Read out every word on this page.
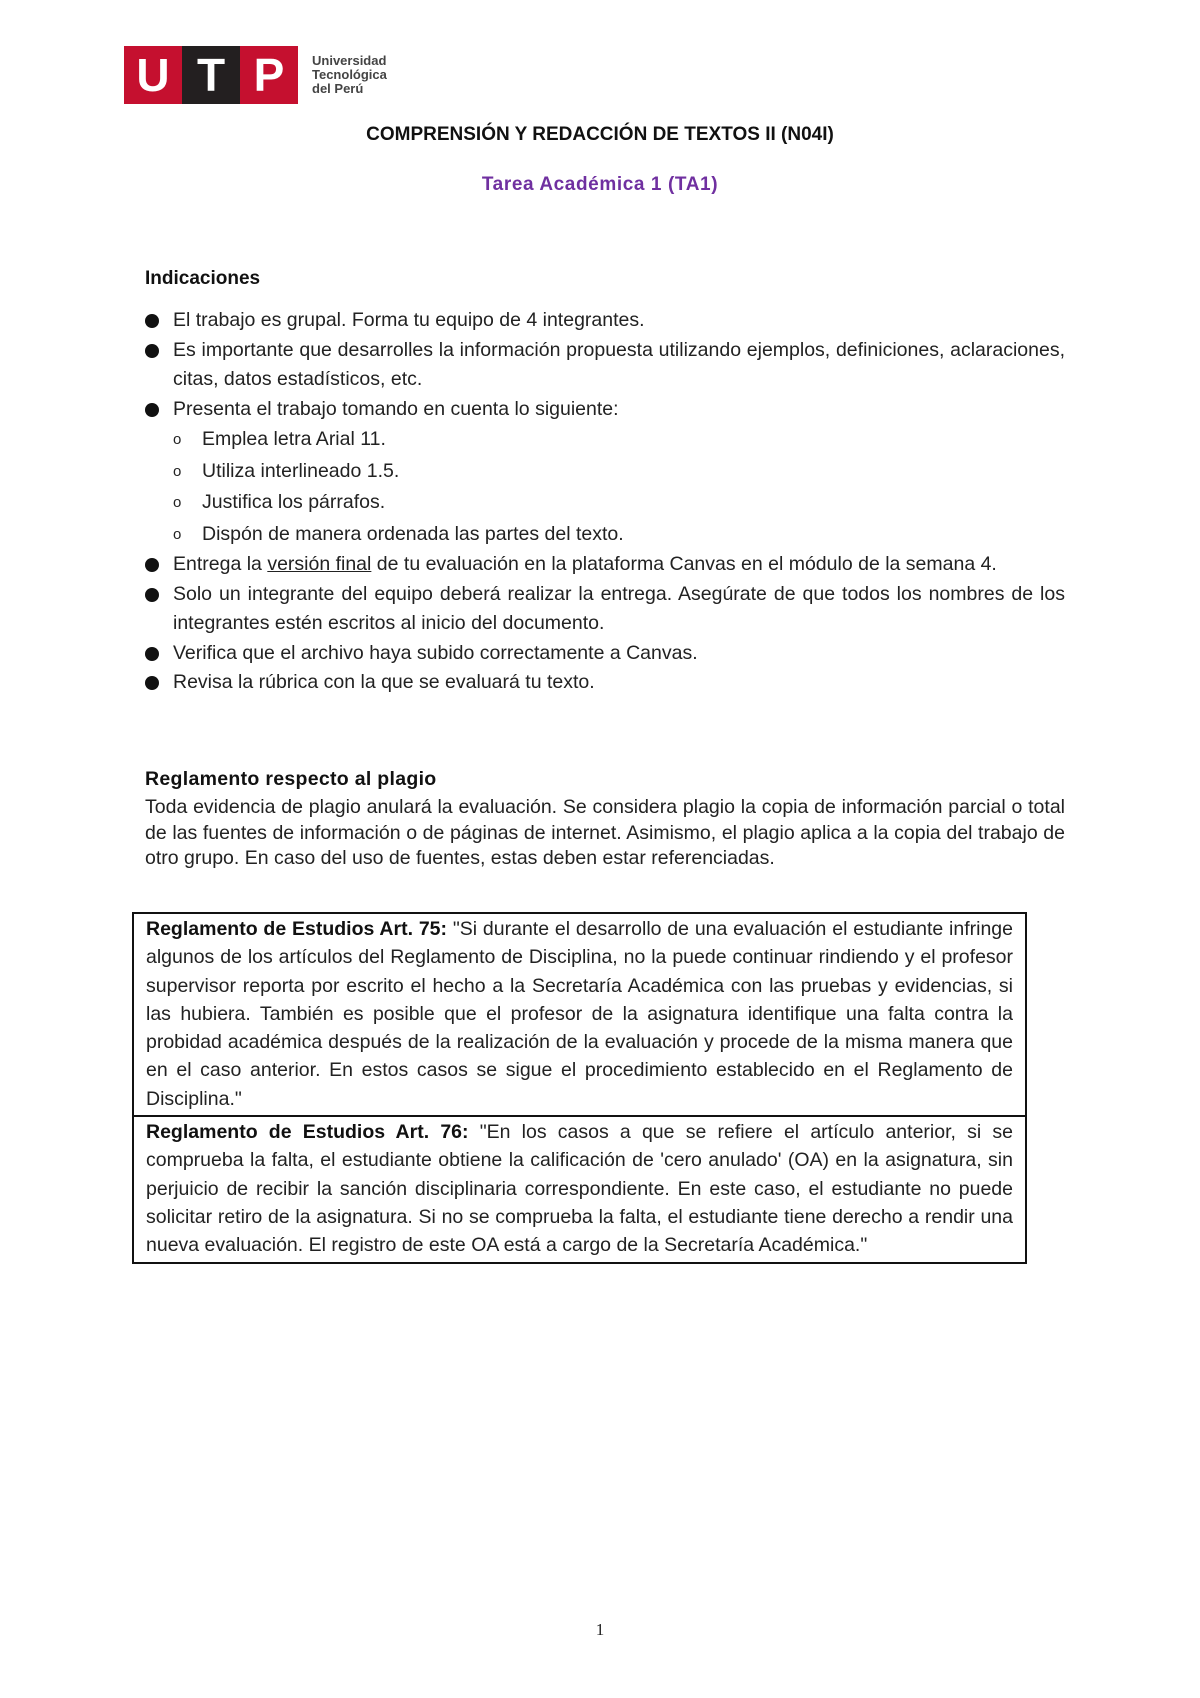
U T P	Universidad
Tecnológica
del Perú
COMPRENSIÓN Y REDACCIÓN DE TEXTOS II (N04I)
Tarea Académica 1 (TA1)
Indicaciones
El trabajo es grupal. Forma tu equipo de 4 integrantes.
Es importante que desarrolles la información propuesta utilizando ejemplos, definiciones, aclaraciones, citas, datos estadísticos, etc.
Presenta el trabajo tomando en cuenta lo siguiente:
o Emplea letra Arial 11.
o Utiliza interlineado 1.5.
o Justifica los párrafos.
o Dispón de manera ordenada las partes del texto.
Entrega la versión final de tu evaluación en la plataforma Canvas en el módulo de la semana 4.
Solo un integrante del equipo deberá realizar la entrega. Asegúrate de que todos los nombres de los integrantes estén escritos al inicio del documento.
Verifica que el archivo haya subido correctamente a Canvas.
Revisa la rúbrica con la que se evaluará tu texto.
Reglamento respecto al plagio
Toda evidencia de plagio anulará la evaluación. Se considera plagio la copia de información parcial o total de las fuentes de información o de páginas de internet. Asimismo, el plagio aplica a la copia del trabajo de otro grupo. En caso del uso de fuentes, estas deben estar referenciadas.
Reglamento de Estudios Art. 75: "Si durante el desarrollo de una evaluación el estudiante infringe algunos de los artículos del Reglamento de Disciplina, no la puede continuar rindiendo y el profesor supervisor reporta por escrito el hecho a la Secretaría Académica con las pruebas y evidencias, si las hubiera. También es posible que el profesor de la asignatura identifique una falta contra la probidad académica después de la realización de la evaluación y procede de la misma manera que en el caso anterior. En estos casos se sigue el procedimiento establecido en el Reglamento de Disciplina."
Reglamento de Estudios Art. 76: "En los casos a que se refiere el artículo anterior, si se comprueba la falta, el estudiante obtiene la calificación de 'cero anulado' (OA) en la asignatura, sin perjuicio de recibir la sanción disciplinaria correspondiente. En este caso, el estudiante no puede solicitar retiro de la asignatura. Si no se comprueba la falta, el estudiante tiene derecho a rendir una nueva evaluación. El registro de este OA está a cargo de la Secretaría Académica."
1
